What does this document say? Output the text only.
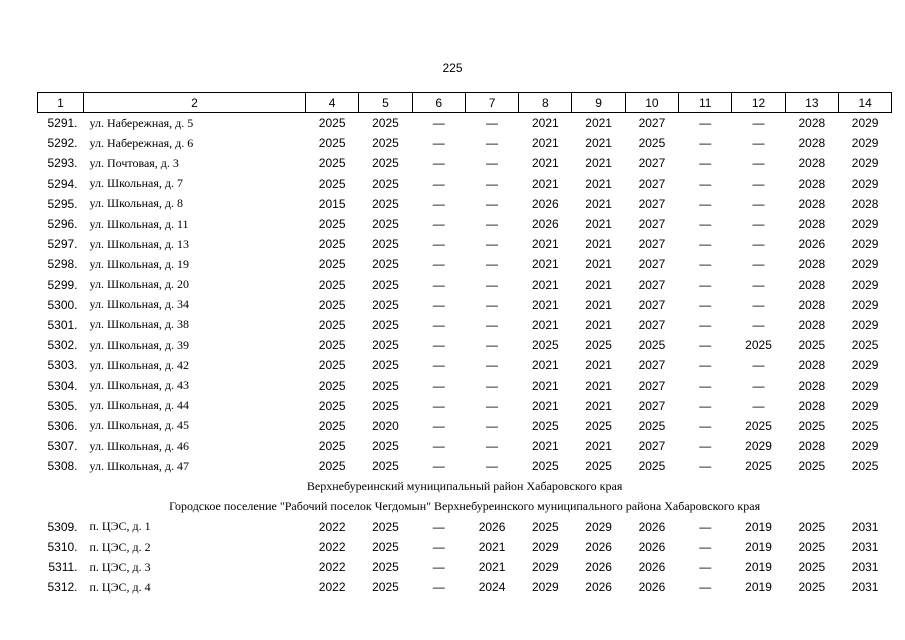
225
1	2	4	5	6	7	8	9	10	11	12	13	14
5291.	ул. Набережная, д. 5	2025	2025	—	—	2021	2021	2027	—	—	2028	2029
5292.	ул. Набережная, д. 6	2025	2025	—	—	2021	2021	2025	—	—	2028	2029
5293.	ул. Почтовая, д. 3	2025	2025	—	—	2021	2021	2027	—	—	2028	2029
5294.	ул. Школьная, д. 7	2025	2025	—	—	2021	2021	2027	—	—	2028	2029
5295.	ул. Школьная, д. 8	2015	2025	—	—	2026	2021	2027	—	—	2028	2028
5296.	ул. Школьная, д. 11	2025	2025	—	—	2026	2021	2027	—	—	2028	2029
5297.	ул. Школьная, д. 13	2025	2025	—	—	2021	2021	2027	—	—	2026	2029
5298.	ул. Школьная, д. 19	2025	2025	—	—	2021	2021	2027	—	—	2028	2029
5299.	ул. Школьная, д. 20	2025	2025	—	—	2021	2021	2027	—	—	2028	2029
5300.	ул. Школьная, д. 34	2025	2025	—	—	2021	2021	2027	—	—	2028	2029
5301.	ул. Школьная, д. 38	2025	2025	—	—	2021	2021	2027	—	—	2028	2029
5302.	ул. Школьная, д. 39	2025	2025	—	—	2025	2025	2025	—	2025	2025	2025
5303.	ул. Школьная, д. 42	2025	2025	—	—	2021	2021	2027	—	—	2028	2029
5304.	ул. Школьная, д. 43	2025	2025	—	—	2021	2021	2027	—	—	2028	2029
5305.	ул. Школьная, д. 44	2025	2025	—	—	2021	2021	2027	—	—	2028	2029
5306.	ул. Школьная, д. 45	2025	2020	—	—	2025	2025	2025	—	2025	2025	2025
5307.	ул. Школьная, д. 46	2025	2025	—	—	2021	2021	2027	—	2029	2028	2029
5308.	ул. Школьная, д. 47	2025	2025	—	—	2025	2025	2025	—	2025	2025	2025
Верхнебуреинский муниципальный район Хабаровского края												
Городское поселение "Рабочий поселок Чегдомын" Верхнебуреинского муниципального района Хабаровского края												
5309.	п. ЦЭС, д. 1	2022	2025	—	2026	2025	2029	2026	—	2019	2025	2031
5310.	п. ЦЭС, д. 2	2022	2025	—	2021	2029	2026	2026	—	2019	2025	2031
5311.	п. ЦЭС, д. 3	2022	2025	—	2021	2029	2026	2026	—	2019	2025	2031
5312.	п. ЦЭС, д. 4	2022	2025	—	2024	2029	2026	2026	—	2019	2025	2031
